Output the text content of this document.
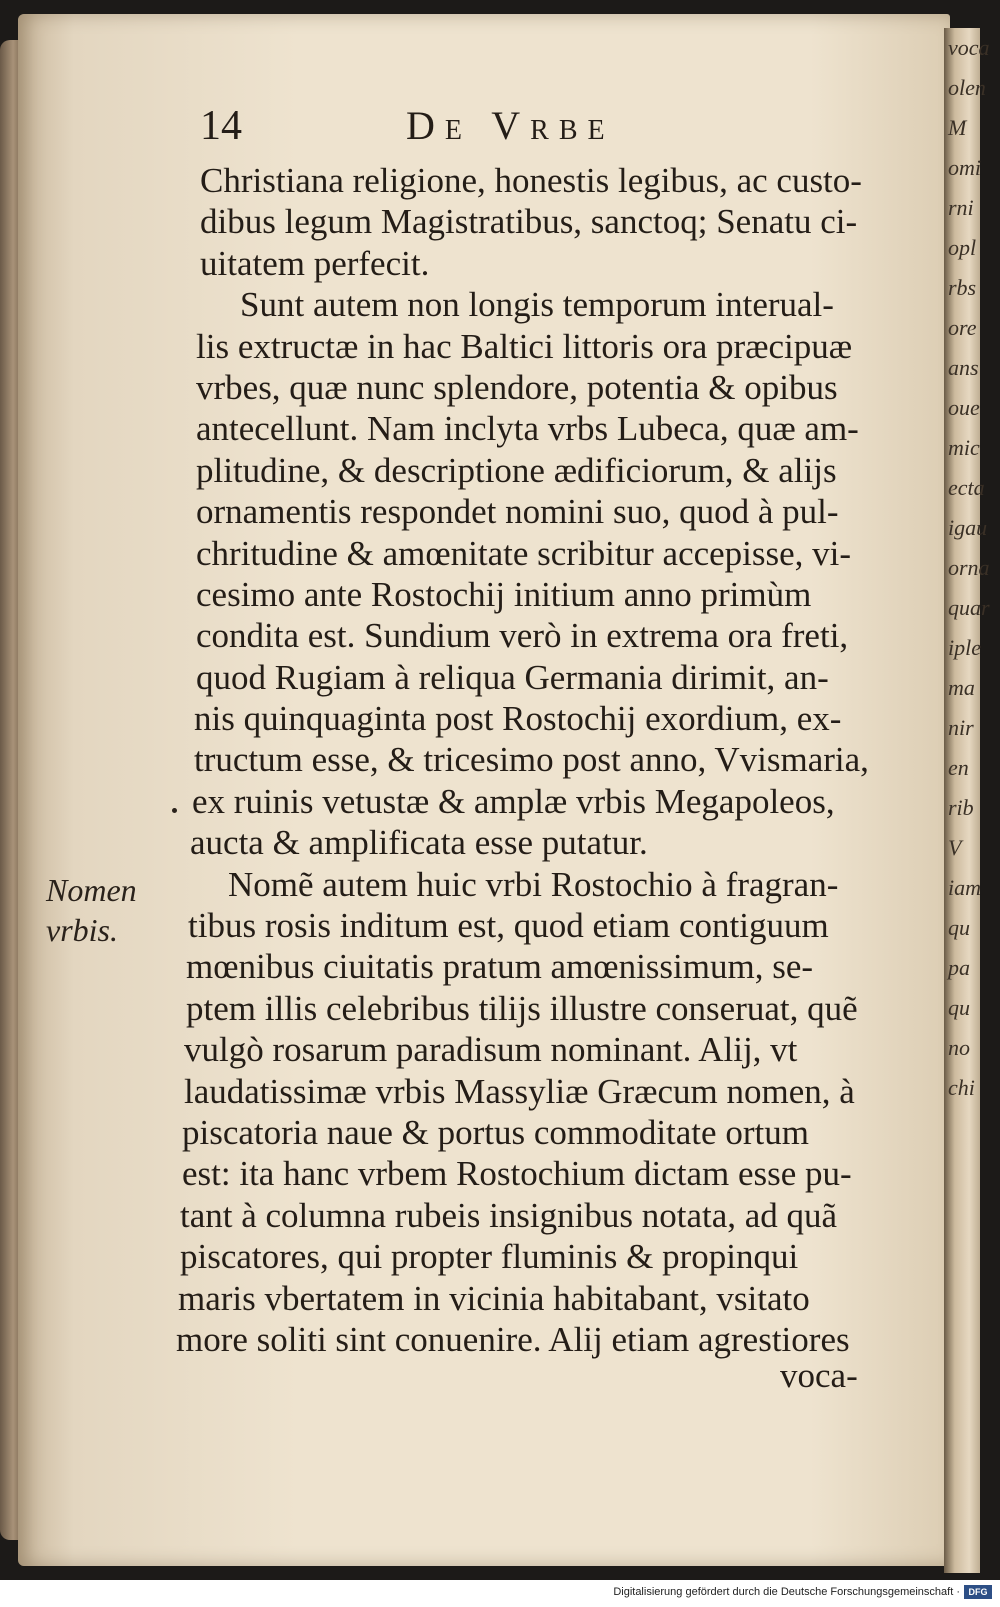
voca
olen
M
omi
rni
opl
rbs
ore
ans
oue
mic
ecta
igau
orna
quar
iple
ma
nir
en
rib
V
iam
qu
pa
qu
no
chi
14	De Vrbe
Nomen
vrbis.
Christiana religione, honestis legibus, ac custo-
dibus legum Magistratibus, sanctoq; Senatu ci-
uitatem perfecit.
Sunt autem non longis temporum interual-
lis extructæ in hac Baltici littoris ora præcipuæ
vrbes, quæ nunc splendore, potentia & opibus
antecellunt. Nam inclyta vrbs Lubeca, quæ am-
plitudine, & descriptione ædificiorum, & alijs
ornamentis respondet nomini suo, quod à pul-
chritudine & amœnitate scribitur accepisse, vi-
cesimo ante Rostochij initium anno primùm
condita est. Sundium verò in extrema ora freti,
quod Rugiam à reliqua Germania dirimit, an-
nis quinquaginta post Rostochij exordium, ex-
tructum esse, & tricesimo post anno, Vvismaria,
ex ruinis vetustæ & amplæ vrbis Megapoleos,
aucta & amplificata esse putatur.
Nomẽ autem huic vrbi Rostochio à fragran-
tibus rosis inditum est, quod etiam contiguum
mœnibus ciuitatis pratum amœnissimum, se-
ptem illis celebribus tilijs illustre conseruat, quẽ
vulgò rosarum paradisum nominant. Alij, vt
laudatissimæ vrbis Massyliæ Græcum nomen, à
piscatoria naue & portus commoditate ortum
est: ita hanc vrbem Rostochium dictam esse pu-
tant à columna rubeis insignibus notata, ad quã
piscatores, qui propter fluminis & propinqui
maris vbertatem in vicinia habitabant, vsitato
more soliti sint conuenire. Alij etiam agrestiores
voca-
Digitalisierung gefördert durch die Deutsche Forschungsgemeinschaft · DFG
